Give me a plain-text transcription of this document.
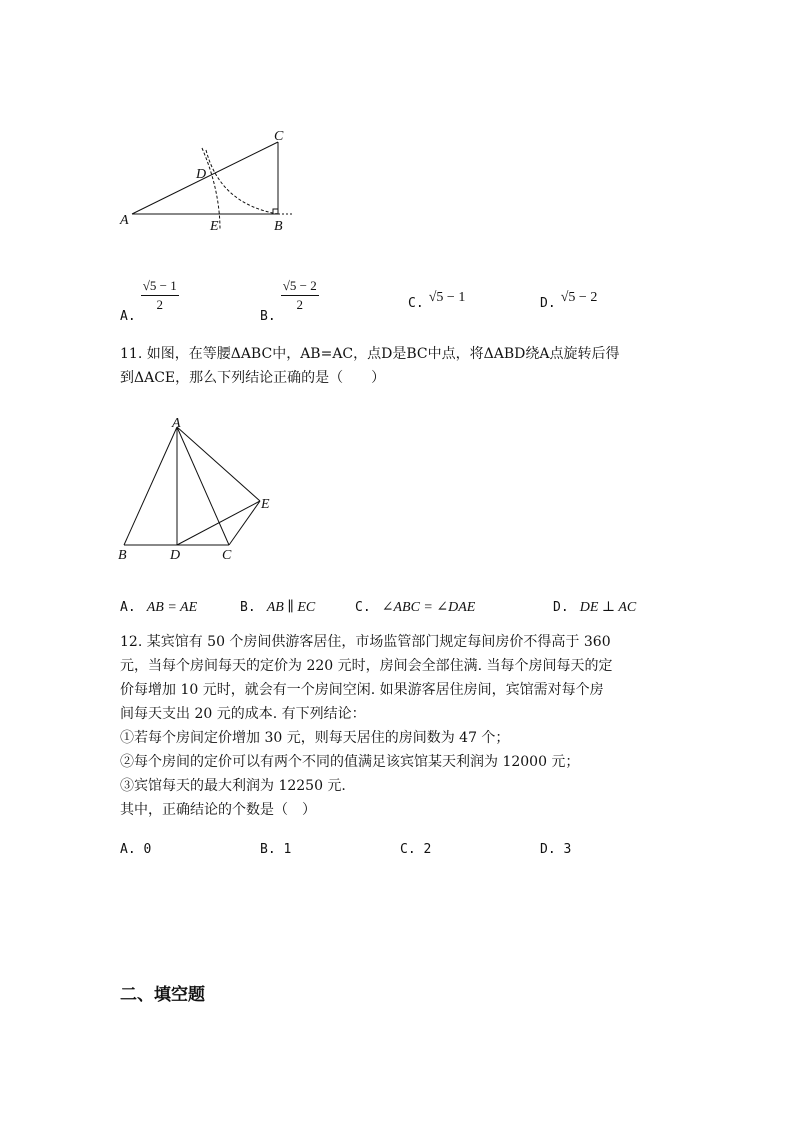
A	B
C
D
E
$_{A.}$
$\frac{√5 - 1}{2}$
$_{B.}$
$\frac{√5 - 2}{2}$	$_{C.}$ √5 − 1	$_{D.}$ √5 − 2
11. 如图，在等腰ΔABC中，AB=AC，点D是BC中点，将ΔABD绕A点旋转后得
到ΔACE，那么下列结论正确的是（　　）
A
B	C
D
E
A. AB = AE	B. AB ∥ EC	C. ∠ABC = ∠DAE	D. DE ⊥ AC
12. 某宾馆有 50 个房间供游客居住，市场监管部门规定每间房价不得高于 360
元，当每个房间每天的定价为 220 元时，房间会全部住满. 当每个房间每天的定
价每增加 10 元时，就会有一个房间空闲. 如果游客居住房间，宾馆需对每个房
间每天支出 20 元的成本. 有下列结论：
①若每个房间定价增加 30 元，则每天居住的房间数为 47 个；
②每个房间的定价可以有两个不同的值满足该宾馆某天利润为 12000 元；
③宾馆每天的最大利润为 12250 元.
其中，正确结论的个数是（　）
A. 0	B. 1	C. 2	D. 3
二、填空题
